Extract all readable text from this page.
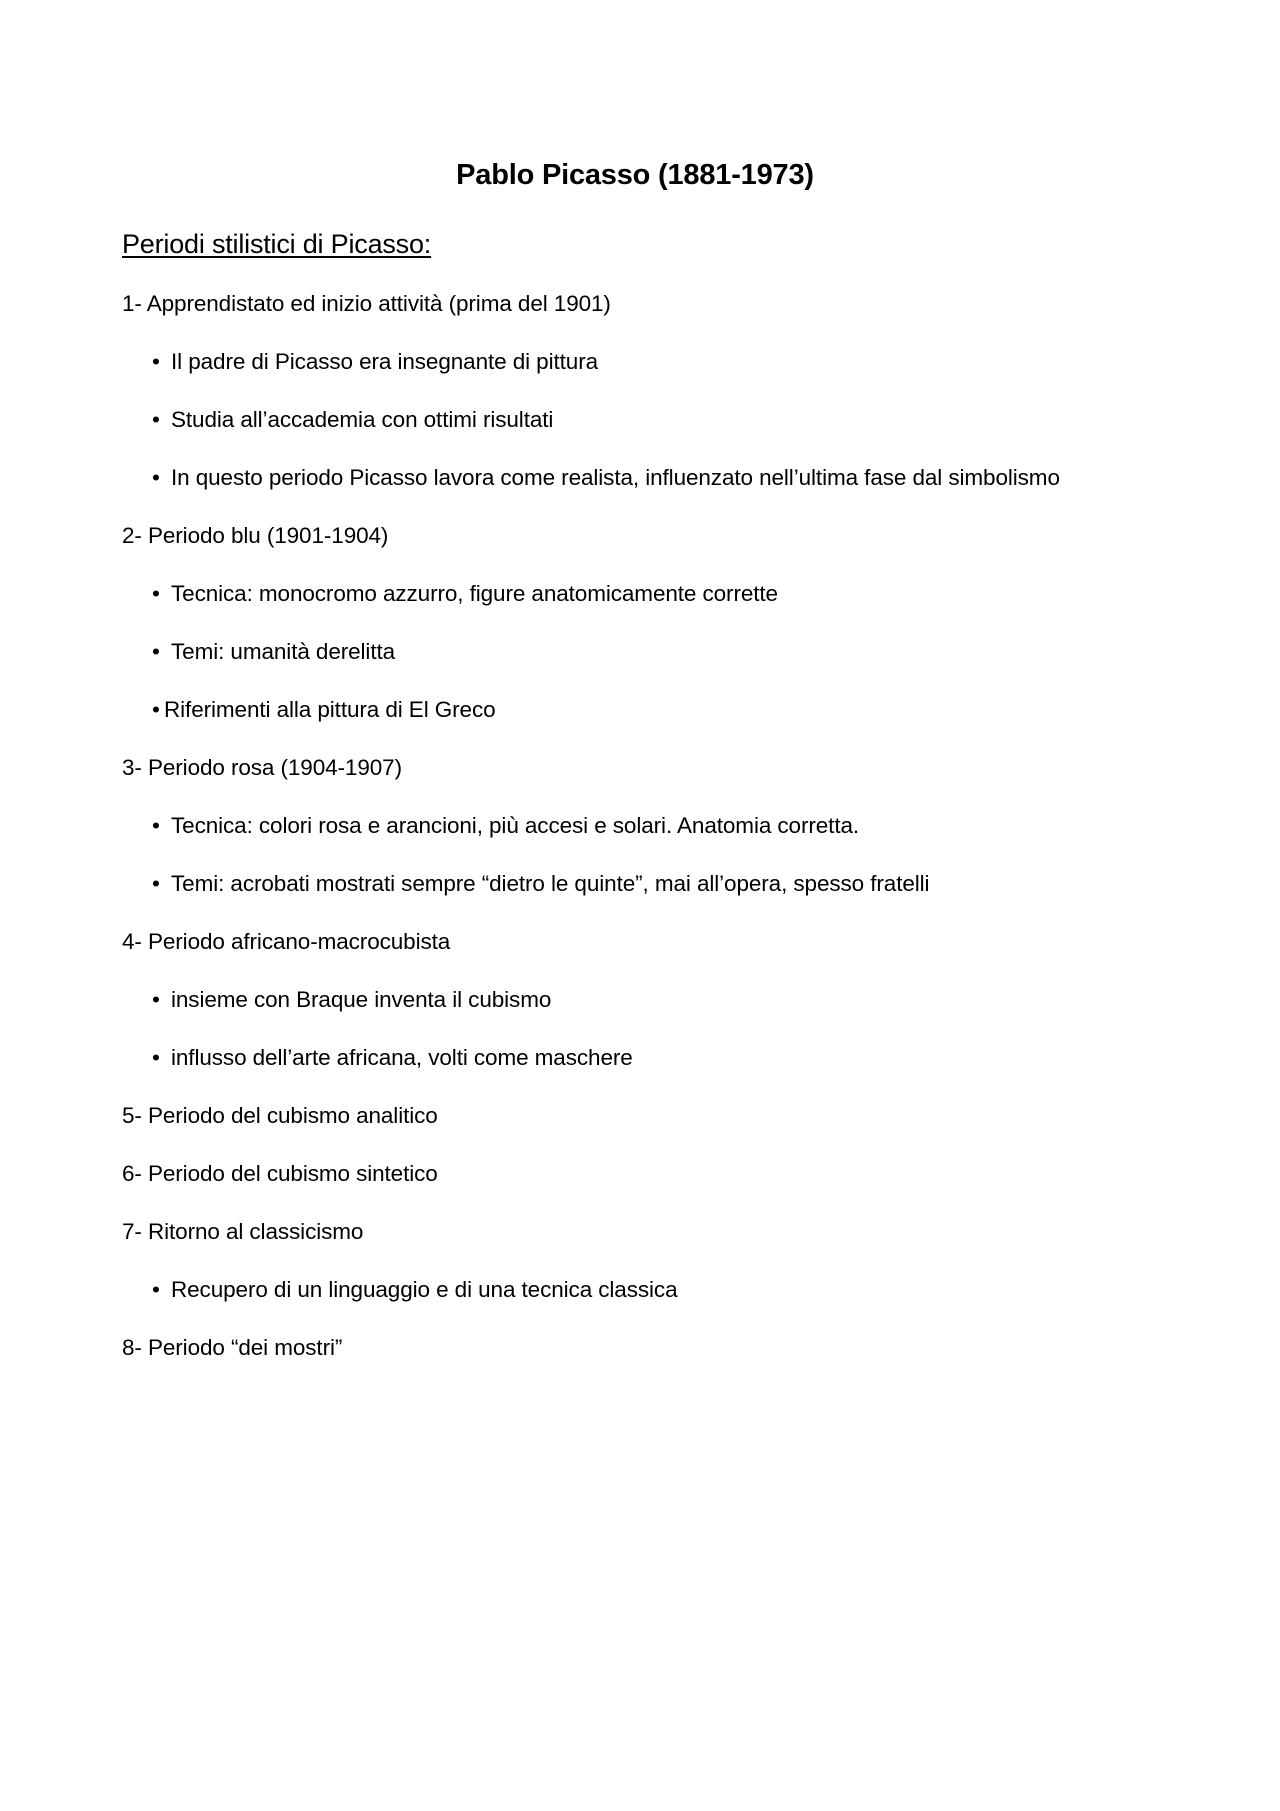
Pablo Picasso (1881-1973)
Periodi stilistici di Picasso:
1- Apprendistato ed inizio attività (prima del 1901)
• Il padre di Picasso era insegnante di pittura
• Studia all’accademia con ottimi risultati
• In questo periodo Picasso lavora come realista, influenzato nell’ultima fase dal simbolismo
2- Periodo blu (1901-1904)
• Tecnica: monocromo azzurro, figure anatomicamente corrette
• Temi: umanità derelitta
• Riferimenti alla pittura di El Greco
3- Periodo rosa (1904-1907)
• Tecnica: colori rosa e arancioni, più accesi e solari. Anatomia corretta.
• Temi: acrobati mostrati sempre “dietro le quinte”, mai all’opera, spesso fratelli
4- Periodo africano-macrocubista
• insieme con Braque inventa il cubismo
• influsso dell’arte africana, volti come maschere
5- Periodo del cubismo analitico
6- Periodo del cubismo sintetico
7- Ritorno al classicismo
• Recupero di un linguaggio e di una tecnica classica
8- Periodo “dei mostri”
